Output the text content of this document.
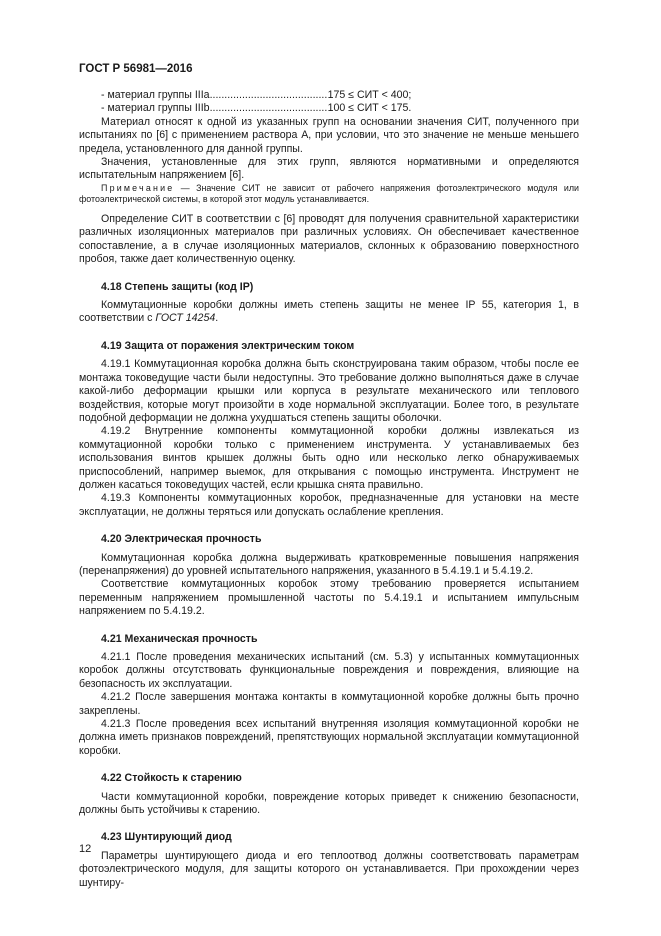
ГОСТ Р 56981—2016
- материал группы IIIa .....	175 ≤ СИТ < 400;
- материал группы IIIb .....	100 ≤ СИТ < 175.

Материал относят к одной из указанных групп на основании значения СИТ, полученного при испытаниях по [6] с применением раствора А, при условии, что это значение не меньше меньшего предела, установленного для данной группы.

Значения, установленные для этих групп, являются нормативными и определяются испытательным напряжением [6].

Примечание — Значение СИТ не зависит от рабочего напряжения фотоэлектрического модуля или фотоэлектрической системы, в которой этот модуль устанавливается.

Определение СИТ в соответствии с [6] проводят для получения сравнительной характеристики различных изоляционных материалов при различных условиях. Он обеспечивает качественное сопоставление, а в случае изоляционных материалов, склонных к образованию поверхностного пробоя, также дает количественную оценку.

4.18 Степень защиты (код IP)

Коммутационные коробки должны иметь степень защиты не менее IP 55, категория 1, в соответствии с ГОСТ 14254.

4.19 Защита от поражения электрическим током

4.19.1 Коммутационная коробка должна быть сконструирована таким образом, чтобы после ее монтажа токоведущие части были недоступны. Это требование должно выполняться даже в случае какой-либо деформации крышки или корпуса в результате механического или теплового воздействия, которые могут произойти в ходе нормальной эксплуатации. Более того, в результате подобной деформации не должна ухудшаться степень защиты оболочки.

4.19.2 Внутренние компоненты коммутационной коробки должны извлекаться из коммутационной коробки только с применением инструмента. У устанавливаемых без использования винтов крышек должны быть одно или несколько легко обнаруживаемых приспособлений, например выемок, для открывания с помощью инструмента. Инструмент не должен касаться токоведущих частей, если крышка снята правильно.

4.19.3 Компоненты коммутационных коробок, предназначенные для установки на месте эксплуатации, не должны теряться или допускать ослабление крепления.

4.20 Электрическая прочность

Коммутационная коробка должна выдерживать кратковременные повышения напряжения (перенапряжения) до уровней испытательного напряжения, указанного в 5.4.19.1 и 5.4.19.2.

Соответствие коммутационных коробок этому требованию проверяется испытанием переменным напряжением промышленной частоты по 5.4.19.1 и испытанием импульсным напряжением по 5.4.19.2.

4.21 Механическая прочность

4.21.1 После проведения механических испытаний (см. 5.3) у испытанных коммутационных коробок должны отсутствовать функциональные повреждения и повреждения, влияющие на безопасность их эксплуатации.

4.21.2 После завершения монтажа контакты в коммутационной коробке должны быть прочно закреплены.

4.21.3 После проведения всех испытаний внутренняя изоляция коммутационной коробки не должна иметь признаков повреждений, препятствующих нормальной эксплуатации коммутационной коробки.

4.22 Стойкость к старению

Части коммутационной коробки, повреждение которых приведет к снижению безопасности, должны быть устойчивы к старению.

4.23 Шунтирующий диод

Параметры шунтирующего диода и его теплоотвод должны соответствовать параметрам фотоэлектрического модуля, для защиты которого он устанавливается. При прохождении через шунтиру-

12
